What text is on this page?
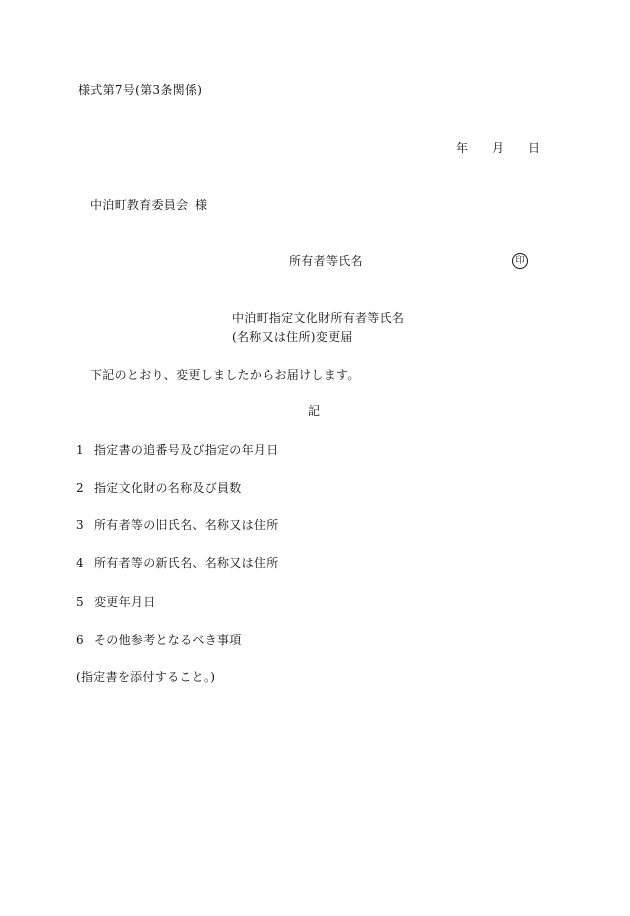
様式第7号(第3条関係)
年 月 日
中泊町教育委員会 様
所有者等氏名	印
中泊町指定文化財所有者等氏名
(名称又は住所)変更届
下記のとおり、変更しましたからお届けします。
記
1 指定書の追番号及び指定の年月日
2 指定文化財の名称及び員数
3 所有者等の旧氏名、名称又は住所
4 所有者等の新氏名、名称又は住所
5 変更年月日
6 その他参考となるべき事項
(指定書を添付すること。)
